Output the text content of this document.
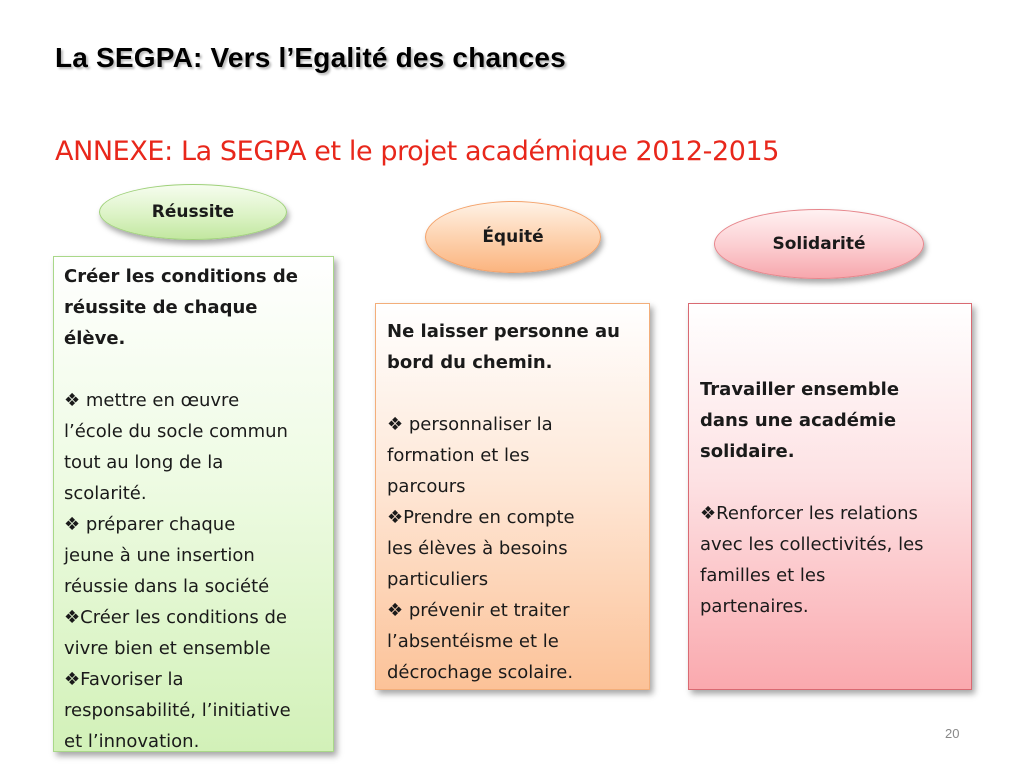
La SEGPA: Vers l’Egalité des chances
ANNEXE: La SEGPA et le projet académique 2012-2015
Réussite
Équité	Solidarité
Créer les conditions de
réussite de chaque
élève.
❖ mettre en œuvre
l’école du socle commun
tout au long de la
scolarité.
❖ préparer chaque
jeune à une insertion
réussie dans la société
❖Créer les conditions de
vivre bien et ensemble
❖Favoriser la
responsabilité, l’initiative
et l’innovation.
Ne laisser personne au
bord du chemin.
❖ personnaliser la
formation et les
parcours
❖Prendre en compte
les élèves à besoins
particuliers
❖ prévenir et traiter
l’absentéisme et le
décrochage scolaire.
Travailler ensemble
dans une académie
solidaire.
❖Renforcer les relations
avec les collectivités, les
familles et les
partenaires.
20
